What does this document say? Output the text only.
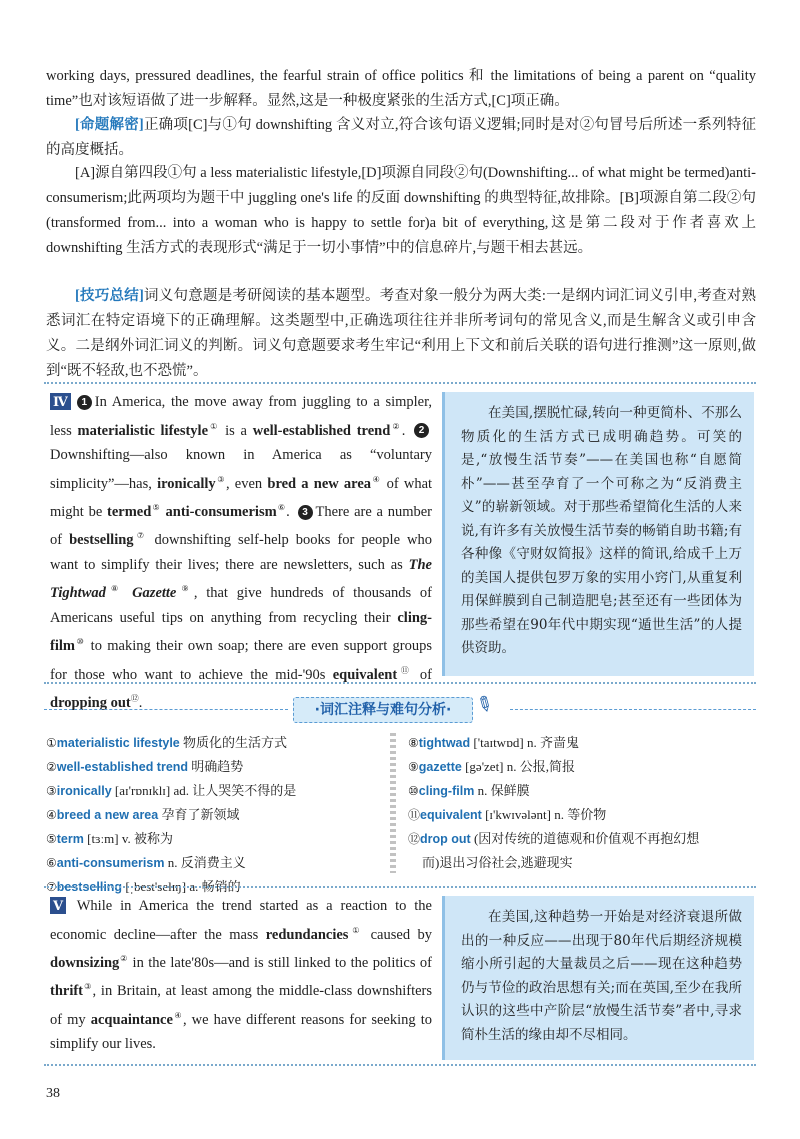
working days, pressured deadlines, the fearful strain of office politics 和 the limitations of being a parent on “quality time”也对该短语做了进一步解释。显然,这是一种极度紧张的生活方式,[C]项正确。

[命题解密]正确项[C]与①句 downshifting 含义对立,符合该句语义逻辑;同时是对②句冒号后所述一系列特征的高度概括。

[A]源自第四段①句 a less materialistic lifestyle,[D]项源自同段②句(Downshifting... of what might be termed)anti-consumerism;此两项均为题干中 juggling one's life 的反面 downshifting 的典型特征,故排除。[B]项源自第二段②句(transformed from... into a woman who is happy to settle for)a bit of everything,这是第二段对于作者喜欢上 downshifting 生活方式的表现形式“满足于一切小事情”中的信息碎片,与题干相去甚远。

[技巧总结]词义句意题是考研阅读的基本题型。考查对象一般分为两大类:一是纲内词汇词义引申,考查对熟悉词汇在特定语境下的正确理解。这类题型中,正确选项往往并非所考词句的常见含义,而是生解含义或引申含义。二是纲外词汇词义的判断。词义句意题要求考生牢记“利用上下文和前后关联的语句进行推测”这一原则,做到“既不轻敌,也不恐慌”。

Ⅳ 1 In America, the move away from juggling to a simpler, less materialistic lifestyle① is a well-established trend②. 2 Downshifting—also known in America as “voluntary simplicity”—has, ironically③, even bred a new area④ of what might be termed⑤ anti-consumerism⑥. 3 There are a number of bestselling⑦ downshifting self-help books for people who want to simplify their lives; there are newsletters, such as The Tightwad⑧ Gazette⑨, that give hundreds of thousands of Americans useful tips on anything from recycling their cling-film⑩ to making their own soap; there are even support groups for those who want to achieve the mid-'90s equivalent⑪ of dropping out⑫.
在美国,摆脱忙碌,转向一种更简朴、不那么物质化的生活方式已成明确趋势。可笑的是,“放慢生活节奏”——在美国也称“自愿简朴”——甚至孕育了一个可称之为“反消费主义”的崭新领域。对于那些希望简化生活的人来说,有许多有关放慢生活节奏的畅销自助书籍;有各种像《守财奴简报》这样的简讯,给成千上万的美国人提供包罗万象的实用小窍门,从重复利用保鲜膜到自己制造肥皂;甚至还有一些团体为那些希望在90年代中期实现“遁世生活”的人提供资助。
·词汇注释与难句分析·	✎
①materialistic lifestyle 物质化的生活方式
②well-established trend 明确趋势
③ironically [aɪ'rɒnɪklɪ] ad. 让人哭笑不得的是
④breed a new area 孕育了新领域
⑤term [tɜːm] v. 被称为
⑥anti-consumerism n. 反消费主义
⑦bestselling [ˌbest'selɪŋ] a. 畅销的
⑧tightwad ['taɪtwɒd] n. 齐啬鬼
⑨gazette [gə'zet] n. 公报,简报
⑩cling-film n. 保鲜膜
⑪equivalent [ɪ'kwɪvələnt] n. 等价物
⑫drop out (因对传统的道德观和价值观不再抱幻想
而)退出习俗社会,逃避现实
Ⅴ While in America the trend started as a reaction to the economic decline—after the mass redundancies① caused by downsizing② in the late'80s—and is still linked to the politics of thrift③, in Britain, at least among the middle-class downshifters of my acquaintance④, we have different reasons for seeking to simplify our lives.
在美国,这种趋势一开始是对经济衰退所做出的一种反应——出现于80年代后期经济规模缩小所引起的大量裁员之后——现在这种趋势仍与节俭的政治思想有关;而在英国,至少在我所认识的这些中产阶层“放慢生活节奏”者中,寻求简朴生活的缘由却不尽相同。
38
